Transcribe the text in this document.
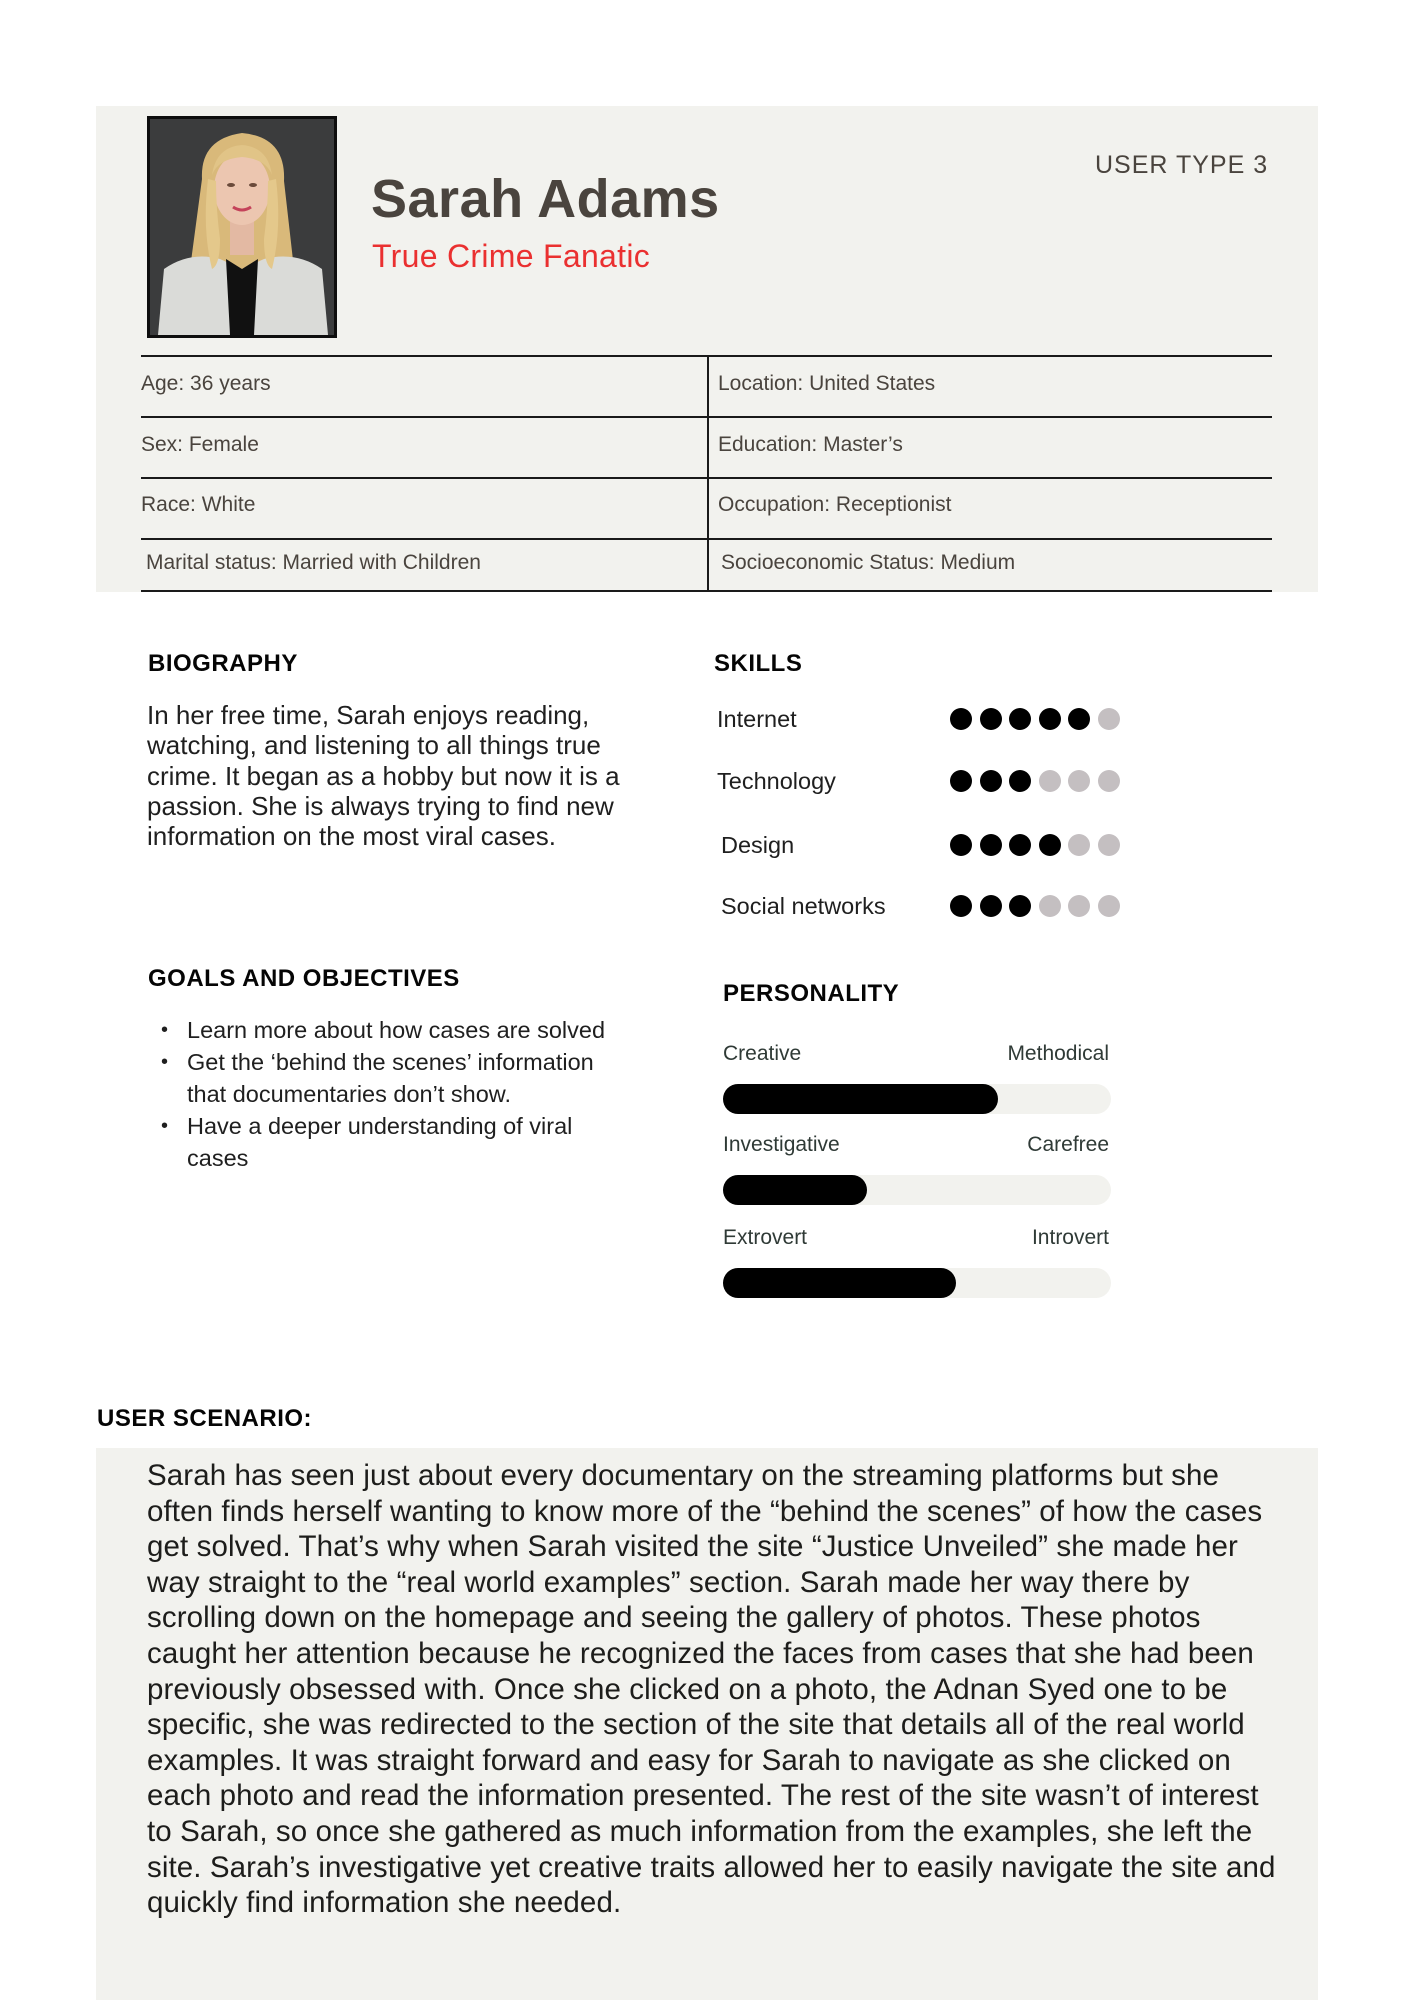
Sarah Adams
True Crime Fanatic
USER TYPE 3
Age: 36 years	Location: United States
Sex: Female	Education: Master’s
Race: White	Occupation: Receptionist
Marital status: Married with Children	Socioeconomic Status: Medium
BIOGRAPHY
In her free time, Sarah enjoys reading, watching, and listening to all things true crime. It began as a hobby but now it is a passion. She is always trying to find new information on the most viral cases.
GOALS AND OBJECTIVES
• Learn more about how cases are solved
• Get the ‘behind the scenes’ information that documentaries don’t show.
• Have a deeper understanding of viral cases
SKILLS
Internet
Technology
Design
Social networks
PERSONALITY
Creative	Methodical
Investigative	Carefree
Extrovert	Introvert
USER SCENARIO:
Sarah has seen just about every documentary on the streaming platforms but she often finds herself wanting to know more of the “behind the scenes” of how the cases get solved. That’s why when Sarah visited the site “Justice Unveiled” she made her way straight to the “real world examples” section. Sarah made her way there by scrolling down on the homepage and seeing the gallery of photos. These photos caught her attention because he recognized the faces from cases that she had been previously obsessed with. Once she clicked on a photo, the Adnan Syed one to be specific, she was redirected to the section of the site that details all of the real world examples. It was straight forward and easy for Sarah to navigate as she clicked on each photo and read the information presented. The rest of the site wasn’t of interest to Sarah, so once she gathered as much information from the examples, she left the site. Sarah’s investigative yet creative traits allowed her to easily navigate the site and quickly find information she needed.
